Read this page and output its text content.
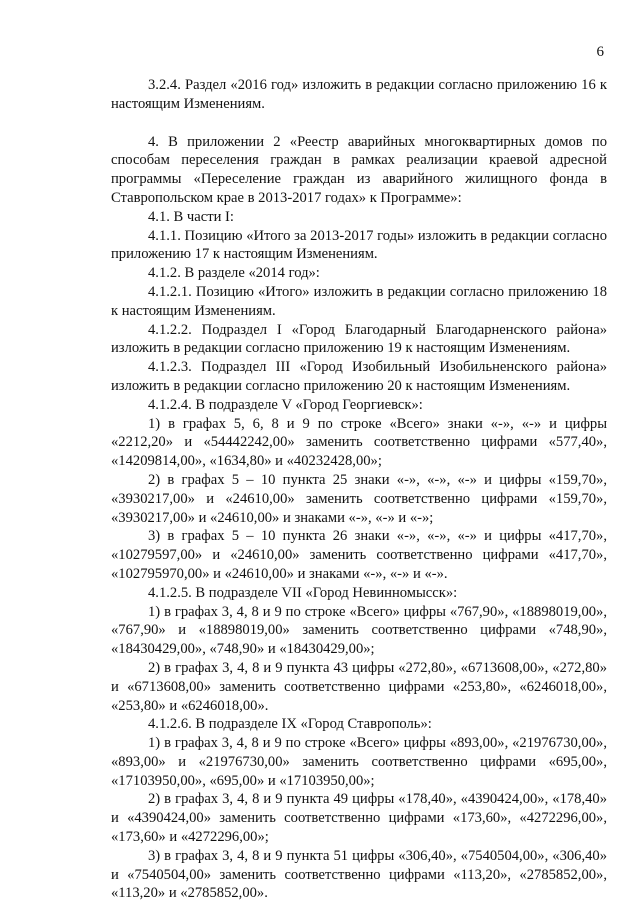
6

3.2.4. Раздел «2016 год» изложить в редакции согласно приложению 16 к настоящим Изменениям.

4. В приложении 2 «Реестр аварийных многоквартирных домов по способам переселения граждан в рамках реализации краевой адресной программы «Переселение граждан из аварийного жилищного фонда в Ставропольском крае в 2013-2017 годах» к Программе»:

4.1. В части I:

4.1.1. Позицию «Итого за 2013-2017 годы» изложить в редакции согласно приложению 17 к настоящим Изменениям.

4.1.2. В разделе «2014 год»:

4.1.2.1. Позицию «Итого» изложить в редакции согласно приложению 18 к настоящим Изменениям.

4.1.2.2. Подраздел I «Город Благодарный Благодарненского района» изложить в редакции согласно приложению 19 к настоящим Изменениям.

4.1.2.3. Подраздел III «Город Изобильный Изобильненского района» изложить в редакции согласно приложению 20 к настоящим Изменениям.

4.1.2.4. В подразделе V «Город Георгиевск»:

1) в графах 5, 6, 8 и 9 по строке «Всего» знаки «-», «-» и цифры «2212,20» и «54442242,00» заменить соответственно цифрами «577,40», «14209814,00», «1634,80» и «40232428,00»;

2) в графах 5 – 10 пункта 25 знаки «-», «-», «-» и цифры «159,70», «3930217,00» и «24610,00» заменить соответственно цифрами «159,70», «3930217,00» и «24610,00» и знаками «-», «-» и «-»;

3) в графах 5 – 10 пункта 26 знаки «-», «-», «-» и цифры «417,70», «10279597,00» и «24610,00» заменить соответственно цифрами «417,70», «102795970,00» и «24610,00» и знаками «-», «-» и «-».

4.1.2.5. В подразделе VII «Город Невинномысск»:

1) в графах 3, 4, 8 и 9 по строке «Всего» цифры «767,90», «18898019,00», «767,90» и «18898019,00» заменить соответственно цифрами «748,90», «18430429,00», «748,90» и «18430429,00»;

2) в графах 3, 4, 8 и 9 пункта 43 цифры «272,80», «6713608,00», «272,80» и «6713608,00» заменить соответственно цифрами «253,80», «6246018,00», «253,80» и «6246018,00».

4.1.2.6. В подразделе IX «Город Ставрополь»:

1) в графах 3, 4, 8 и 9 по строке «Всего» цифры «893,00», «21976730,00», «893,00» и «21976730,00» заменить соответственно цифрами «695,00», «17103950,00», «695,00» и «17103950,00»;

2) в графах 3, 4, 8 и 9 пункта 49 цифры «178,40», «4390424,00», «178,40» и «4390424,00» заменить соответственно цифрами «173,60», «4272296,00», «173,60» и «4272296,00»;

3) в графах 3, 4, 8 и 9 пункта 51 цифры «306,40», «7540504,00», «306,40» и «7540504,00» заменить соответственно цифрами «113,20», «2785852,00», «113,20» и «2785852,00».
